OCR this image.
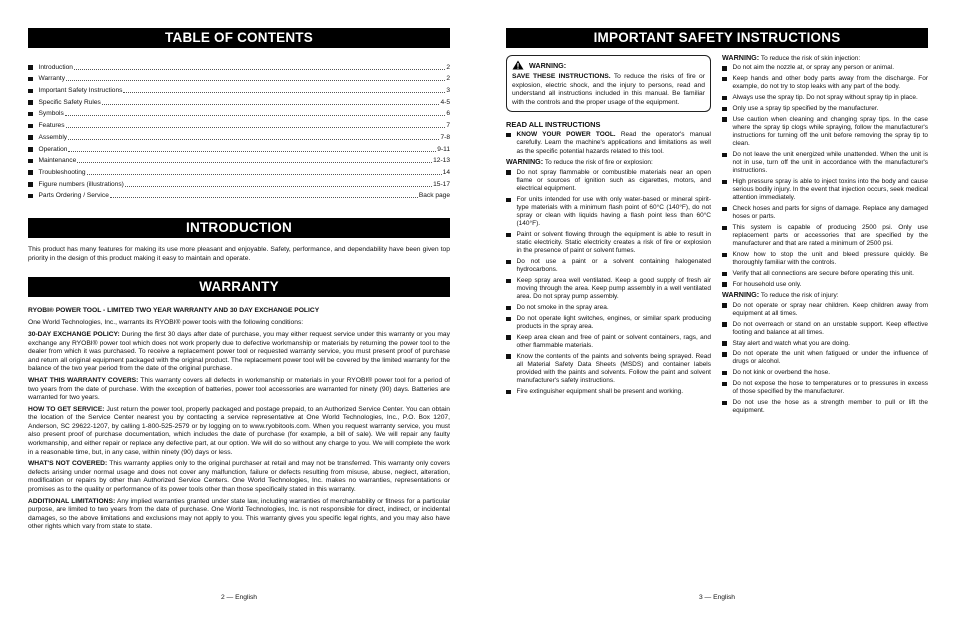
TABLE OF CONTENTS
Introduction	2
Warranty	2
Important Safety Instructions	3
Specific Safety Rules	4-5
Symbols	6
Features	7
Assembly	7-8
Operation	9-11
Maintenance	12-13
Troubleshooting	14
Figure numbers (illustrations)	15-17
Parts Ordering / Service	Back page
INTRODUCTION

This product has many features for making its use more pleasant and enjoyable. Safety, performance, and dependability have been given top priority in the design of this product making it easy to maintain and operate.

WARRANTY
RYOBI® POWER TOOL - LIMITED TWO YEAR WARRANTY AND 30 DAY EXCHANGE POLICY

One World Technologies, Inc., warrants its RYOBI® power tools with the following conditions:

30-DAY EXCHANGE POLICY: During the first 30 days after date of purchase, you may either request service under this warranty or you may exchange any RYOBI® power tool which does not work properly due to defective workmanship or materials by returning the power tool to the dealer from which it was purchased. To receive a replacement power tool or requested warranty service, you must present proof of purchase and return all original equipment packaged with the original product. The replacement power tool will be covered by the limited warranty for the balance of the two year period from the date of the original purchase.

WHAT THIS WARRANTY COVERS: This warranty covers all defects in workmanship or materials in your RYOBI® power tool for a period of two years from the date of purchase. With the exception of batteries, power tool accessories are warranted for ninety (90) days. Batteries are warranted for two years.

HOW TO GET SERVICE: Just return the power tool, properly packaged and postage prepaid, to an Authorized Service Center. You can obtain the location of the Service Center nearest you by contacting a service representative at One World Technologies, Inc., P.O. Box 1207, Anderson, SC 29622-1207, by calling 1-800-525-2579 or by logging on to www.ryobitools.com. When you request warranty service, you must also present proof of purchase documentation, which includes the date of purchase (for example, a bill of sale). We will repair any faulty workmanship, and either repair or replace any defective part, at our option. We will do so without any charge to you. We will complete the work in a reasonable time, but, in any case, within ninety (90) days or less.

WHAT'S NOT COVERED: This warranty applies only to the original purchaser at retail and may not be transferred. This warranty only covers defects arising under normal usage and does not cover any malfunction, failure or defects resulting from misuse, abuse, neglect, alteration, modification or repairs by other than Authorized Service Centers. One World Technologies, Inc. makes no warranties, representations or promises as to the quality or performance of its power tools other than those specifically stated in this warranty.

ADDITIONAL LIMITATIONS: Any implied warranties granted under state law, including warranties of merchantability or fitness for a particular purpose, are limited to two years from the date of purchase. One World Technologies, Inc. is not responsible for direct, indirect, or incidental damages, so the above limitations and exclusions may not apply to you. This warranty gives you specific legal rights, and you may also have other rights which vary from state to state.

2 — English
IMPORTANT SAFETY INSTRUCTIONS
WARNING:

SAVE THESE INSTRUCTIONS. To reduce the risks of fire or explosion, electric shock, and the injury to persons, read and understand all instructions included in this manual. Be familiar with the controls and the proper usage of the equipment.

READ ALL INSTRUCTIONS
KNOW YOUR POWER TOOL. Read the operator's manual carefully. Learn the machine's applications and limitations as well as the specific potential hazards related to this tool.
WARNING: To reduce the risk of fire or explosion:
Do not spray flammable or combustible materials near an open flame or sources of ignition such as cigarettes, motors, and electrical equipment.
For units intended for use with only water-based or mineral spirit-type materials with a minimum flash point of 60°C (140°F), do not spray or clean with liquids having a flash point less than 60°C (140°F).
Paint or solvent flowing through the equipment is able to result in static electricity. Static electricity creates a risk of fire or explosion in the presence of paint or solvent fumes.
Do not use a paint or a solvent containing halogenated hydrocarbons.
Keep spray area well ventilated. Keep a good supply of fresh air moving through the area. Keep pump assembly in a well ventilated area. Do not spray pump assembly.
Do not smoke in the spray area.
Do not operate light switches, engines, or similar spark producing products in the spray area.
Keep area clean and free of paint or solvent containers, rags, and other flammable materials.
Know the contents of the paints and solvents being sprayed. Read all Material Safety Data Sheets (MSDS) and container labels provided with the paints and solvents. Follow the paint and solvent manufacturer's safety instructions.
Fire extinguisher equipment shall be present and working.
WARNING: To reduce the risk of skin injection:
Do not aim the nozzle at, or spray any person or animal.
Keep hands and other body parts away from the discharge. For example, do not try to stop leaks with any part of the body.
Always use the spray tip. Do not spray without spray tip in place.
Only use a spray tip specified by the manufacturer.
Use caution when cleaning and changing spray tips. In the case where the spray tip clogs while spraying, follow the manufacturer's instructions for turning off the unit before removing the spray tip to clean.
Do not leave the unit energized while unattended. When the unit is not in use, turn off the unit in accordance with the manufacturer's instructions.
High pressure spray is able to inject toxins into the body and cause serious bodily injury. In the event that injection occurs, seek medical attention immediately.
Check hoses and parts for signs of damage. Replace any damaged hoses or parts.
This system is capable of producing 2500 psi. Only use replacement parts or accessories that are specified by the manufacturer and that are rated a minimum of 2500 psi.
Know how to stop the unit and bleed pressure quickly. Be thoroughly familiar with the controls.
Verify that all connections are secure before operating this unit.
For household use only.
WARNING: To reduce the risk of injury:
Do not operate or spray near children. Keep children away from equipment at all times.
Do not overreach or stand on an unstable support. Keep effective footing and balance at all times.
Stay alert and watch what you are doing.
Do not operate the unit when fatigued or under the influence of drugs or alcohol.
Do not kink or overbend the hose.
Do not expose the hose to temperatures or to pressures in excess of those specified by the manufacturer.
Do not use the hose as a strength member to pull or lift the equipment.
3 — English
